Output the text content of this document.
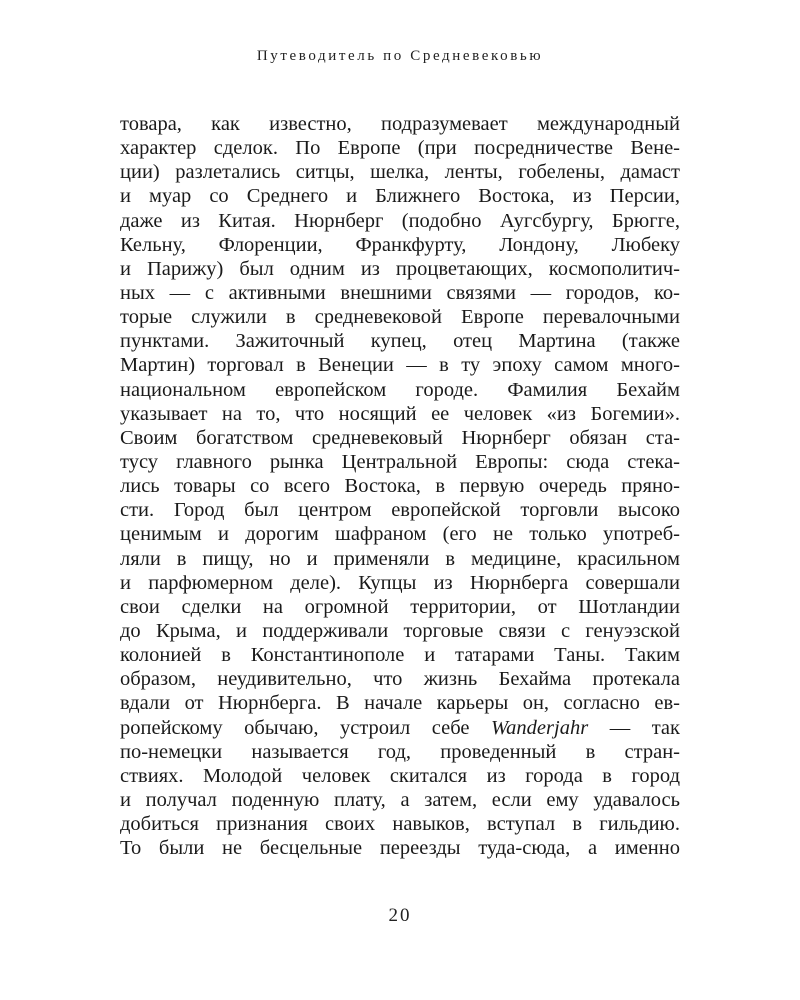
Путеводитель по Средневековью
товара, как известно, подразумевает международный
характер сделок. По Европе (при посредничестве Вене-
ции) разлетались ситцы, шелка, ленты, гобелены, дамаст
и муар со Среднего и Ближнего Востока, из Персии,
даже из Китая. Нюрнберг (подобно Аугсбургу, Брюгге,
Кельну, Флоренции, Франкфурту, Лондону, Любеку
и Парижу) был одним из процветающих, космополитич-
ных — с активными внешними связями — городов, ко-
торые служили в средневековой Европе перевалочными
пунктами. Зажиточный купец, отец Мартина (также
Мартин) торговал в Венеции — в ту эпоху самом много-
национальном европейском городе. Фамилия Бехайм
указывает на то, что носящий ее человек «из Богемии».
Своим богатством средневековый Нюрнберг обязан ста-
тусу главного рынка Центральной Европы: сюда стека-
лись товары со всего Востока, в первую очередь пряно-
сти. Город был центром европейской торговли высоко
ценимым и дорогим шафраном (его не только употреб-
ляли в пищу, но и применяли в медицине, красильном
и парфюмерном деле). Купцы из Нюрнберга совершали
свои сделки на огромной территории, от Шотландии
до Крыма, и поддерживали торговые связи с генуэзской
колонией в Константинополе и татарами Таны. Таким
образом, неудивительно, что жизнь Бехайма протекала
вдали от Нюрнберга. В начале карьеры он, согласно ев-
ропейскому обычаю, устроил себе Wanderjahr — так
по-немецки называется год, проведенный в стран-
ствиях. Молодой человек скитался из города в город
и получал поденную плату, а затем, если ему удавалось
добиться признания своих навыков, вступал в гильдию.
То были не бесцельные переезды туда-сюда, а именно
20
